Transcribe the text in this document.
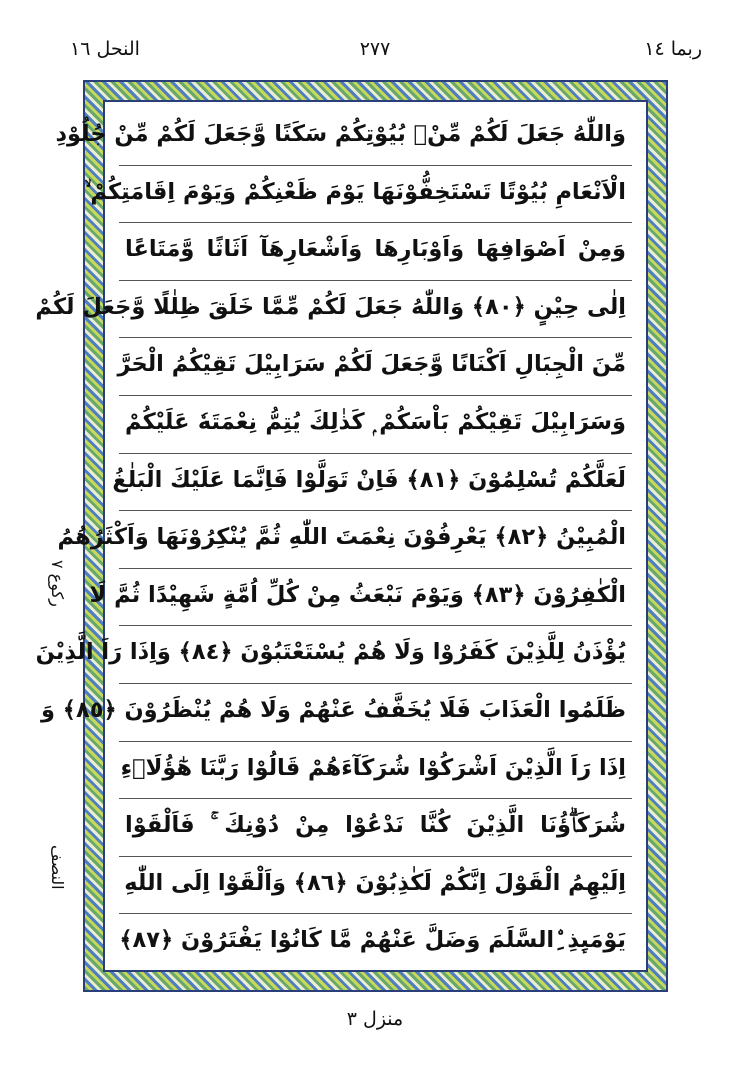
ربما ١٤
٢٧٧
النحل ١٦
ركوع ٧
النصف
وَاللّٰهُ جَعَلَ لَكُمْ مِّنْۢ بُيُوْتِكُمْ سَكَنًا وَّجَعَلَ لَكُمْ مِّنْ جُلُوْدِ
الْاَنْعَامِ بُيُوْتًا تَسْتَخِفُّوْنَهَا يَوْمَ ظَعْنِكُمْ وَيَوْمَ اِقَامَتِكُمْ ۙ
وَمِنْ اَصْوَافِهَا وَاَوْبَارِهَا وَاَشْعَارِهَآ اَثَاثًا وَّمَتَاعًا
اِلٰى حِيْنٍ ﴿٨٠﴾ وَاللّٰهُ جَعَلَ لَكُمْ مِّمَّا خَلَقَ ظِلٰلًا وَّجَعَلَ لَكُمْ
مِّنَ الْجِبَالِ اَكْنَانًا وَّجَعَلَ لَكُمْ سَرَابِيْلَ تَقِيْكُمُ الْحَرَّ
وَسَرَابِيْلَ تَقِيْكُمْ بَاْسَكُمْ ۭ كَذٰلِكَ يُتِمُّ نِعْمَتَهٗ عَلَيْكُمْ
لَعَلَّكُمْ تُسْلِمُوْنَ ﴿٨١﴾ فَاِنْ تَوَلَّوْا فَاِنَّمَا عَلَيْكَ الْبَلٰغُ
الْمُبِيْنُ ﴿٨٢﴾ يَعْرِفُوْنَ نِعْمَتَ اللّٰهِ ثُمَّ يُنْكِرُوْنَهَا وَاَكْثَرُهُمُ
الْكٰفِرُوْنَ ﴿٨٣﴾ وَيَوْمَ نَبْعَثُ مِنْ كُلِّ اُمَّةٍ شَهِيْدًا ثُمَّ لَا
يُؤْذَنُ لِلَّذِيْنَ كَفَرُوْا وَلَا هُمْ يُسْتَعْتَبُوْنَ ﴿٨٤﴾ وَاِذَا رَاَ الَّذِيْنَ
ظَلَمُوا الْعَذَابَ فَلَا يُخَفَّفُ عَنْهُمْ وَلَا هُمْ يُنْظَرُوْنَ ﴿٨٥﴾ وَ
اِذَا رَاَ الَّذِيْنَ اَشْرَكُوْا شُرَكَآءَهُمْ قَالُوْا رَبَّنَا هٰٓؤُلَاۗءِ
شُرَكَاۗؤُنَا الَّذِيْنَ كُنَّا نَدْعُوْا مِنْ دُوْنِكَ ۚ فَاَلْقَوْا
اِلَيْهِمُ الْقَوْلَ اِنَّكُمْ لَكٰذِبُوْنَ ﴿٨٦﴾ وَاَلْقَوْا اِلَى اللّٰهِ
يَوْمَىِٕذِ ِۨالسَّلَمَ وَضَلَّ عَنْهُمْ مَّا كَانُوْا يَفْتَرُوْنَ ﴿٨٧﴾
منزل ٣
